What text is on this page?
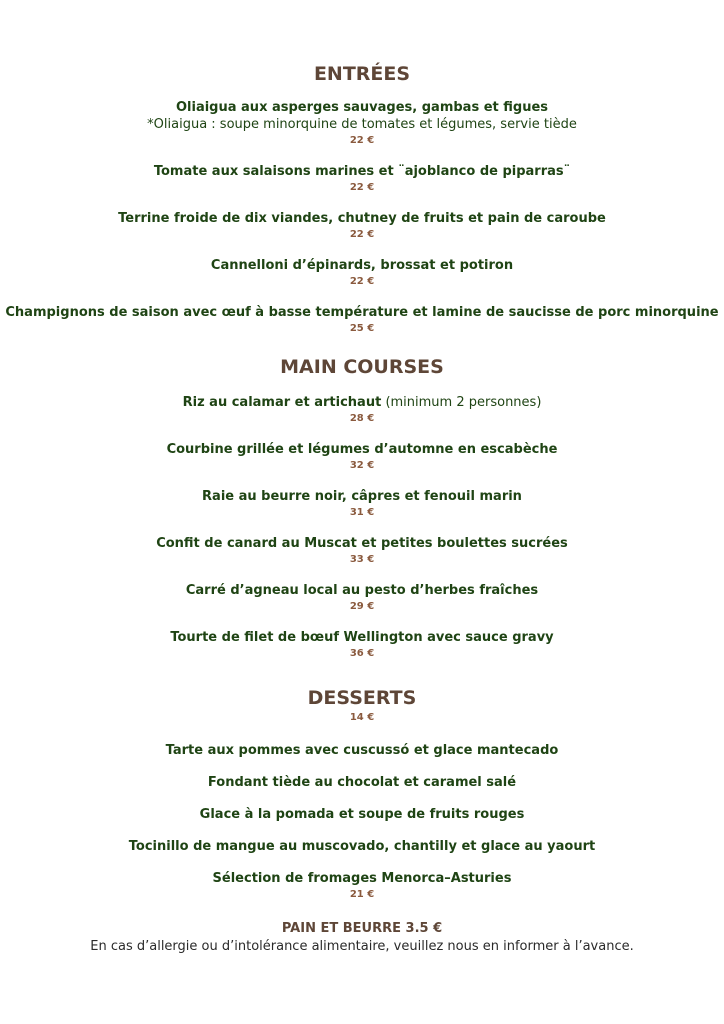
ENTRÉES
Oliaigua aux asperges sauvages, gambas et figues
*Oliaigua : soupe minorquine de tomates et légumes, servie tiède
22 €
Tomate aux salaisons marines et ¨ajoblanco de piparras¨
22 €
Terrine froide de dix viandes, chutney de fruits et pain de caroube
22 €
Cannelloni d’épinards, brossat et potiron
22 €
Champignons de saison avec œuf à basse température et lamine de saucisse de porc minorquine
25 €
MAIN COURSES
Riz au calamar et artichaut (minimum 2 personnes)
28 €
Courbine grillée et légumes d’automne en escabèche
32 €
Raie au beurre noir, câpres et fenouil marin
31 €
Confit de canard au Muscat et petites boulettes sucrées
33 €
Carré d’agneau local au pesto d’herbes fraîches
29 €
Tourte de filet de bœuf Wellington avec sauce gravy
36 €
DESSERTS
14 €
Tarte aux pommes avec cuscussó et glace mantecado
Fondant tiède au chocolat et caramel salé
Glace à la pomada et soupe de fruits rouges
Tocinillo de mangue au muscovado, chantilly et glace au yaourt
Sélection de fromages Menorca–Asturies
21 €
PAIN ET BEURRE 3.5 €
En cas d’allergie ou d’intolérance alimentaire, veuillez nous en informer à l’avance.
